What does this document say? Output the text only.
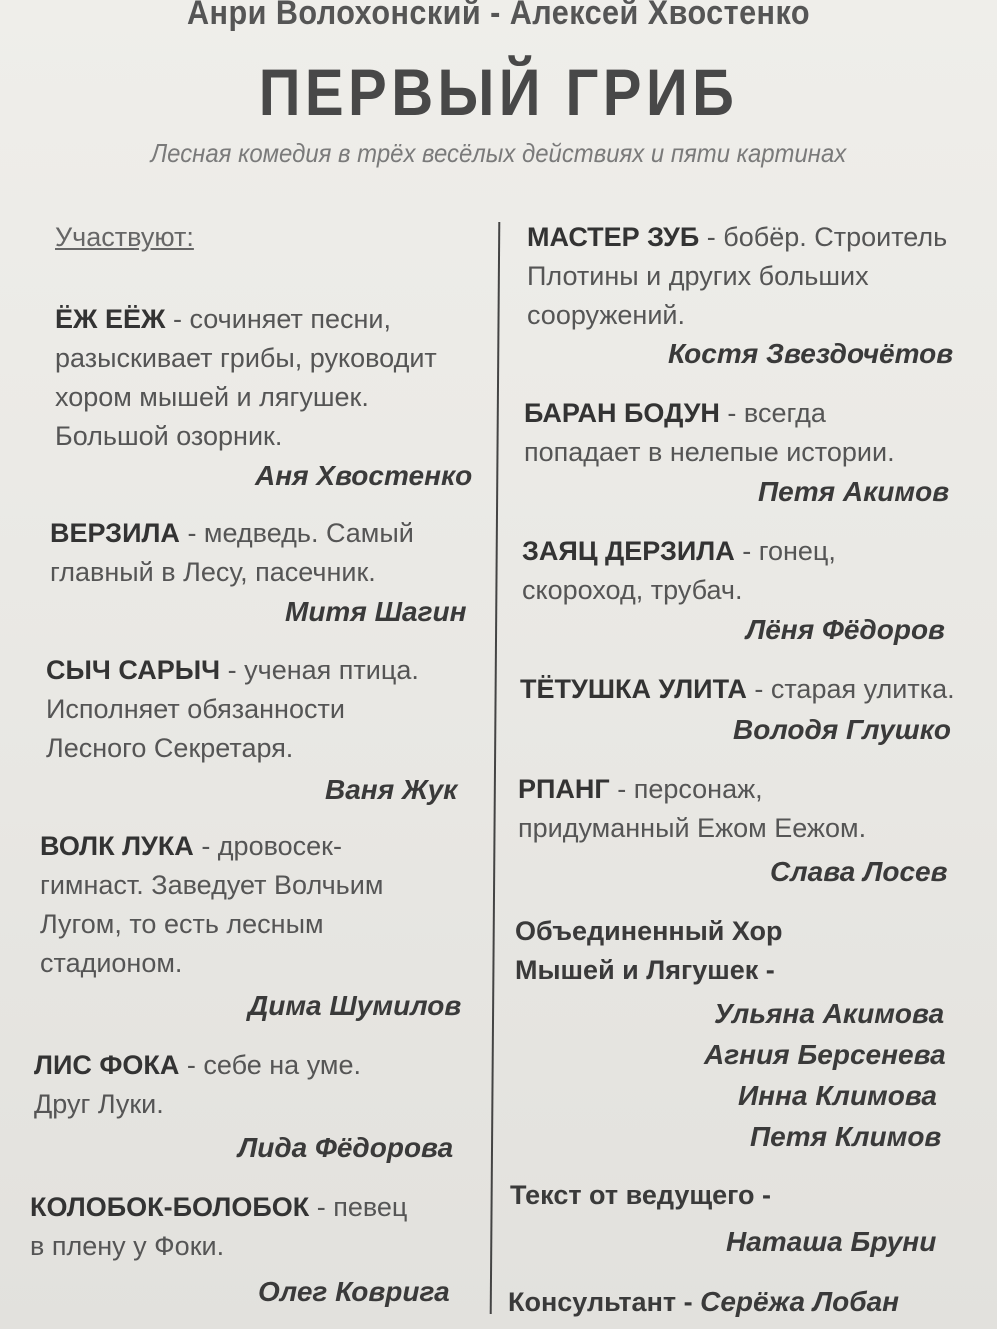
Анри Волохонский - Алексей Хвостенко
ПЕРВЫЙ ГРИБ
Лесная комедия в трёх весёлых действиях и пяти картинах
Участвуют:
ЁЖ ЕЁЖ - сочиняет песни,
разыскивает грибы, руководит
хором мышей и лягушек.
Большой озорник.
Аня Хвостенко
ВЕРЗИЛА - медведь. Самый
главный в Лесу, пасечник.
Митя Шагин
СЫЧ САРЫЧ - ученая птица.
Исполняет обязанности
Лесного Секретаря.
Ваня Жук
ВОЛК ЛУКА - дровосек-
гимнаст. Заведует Волчьим
Лугом, то есть лесным
стадионом.
Дима Шумилов
ЛИС ФОКА - себе на уме.
Друг Луки.
Лида Фёдорова
КОЛОБОК-БОЛОБОК - певец
в плену у Фоки.
Олег Коврига
МАСТЕР ЗУБ - бобёр. Строитель
Плотины и других больших
сооружений.
Костя Звездочётов
БАРАН БОДУН - всегда
попадает в нелепые истории.
Петя Акимов
ЗАЯЦ ДЕРЗИЛА - гонец,
скороход, трубач.
Лёня Фёдоров
ТЁТУШКА УЛИТА - старая улитка.
Володя Глушко
РПАНГ - персонаж,
придуманный Ежом Еежом.
Слава Лосев
Объединенный Хор
Мышей и Лягушек -
Ульяна Акимова
Агния Берсенева
Инна Климова
Петя Климов
Текст от ведущего -
Наташа Бруни
Консультант - Серёжа Лобан
